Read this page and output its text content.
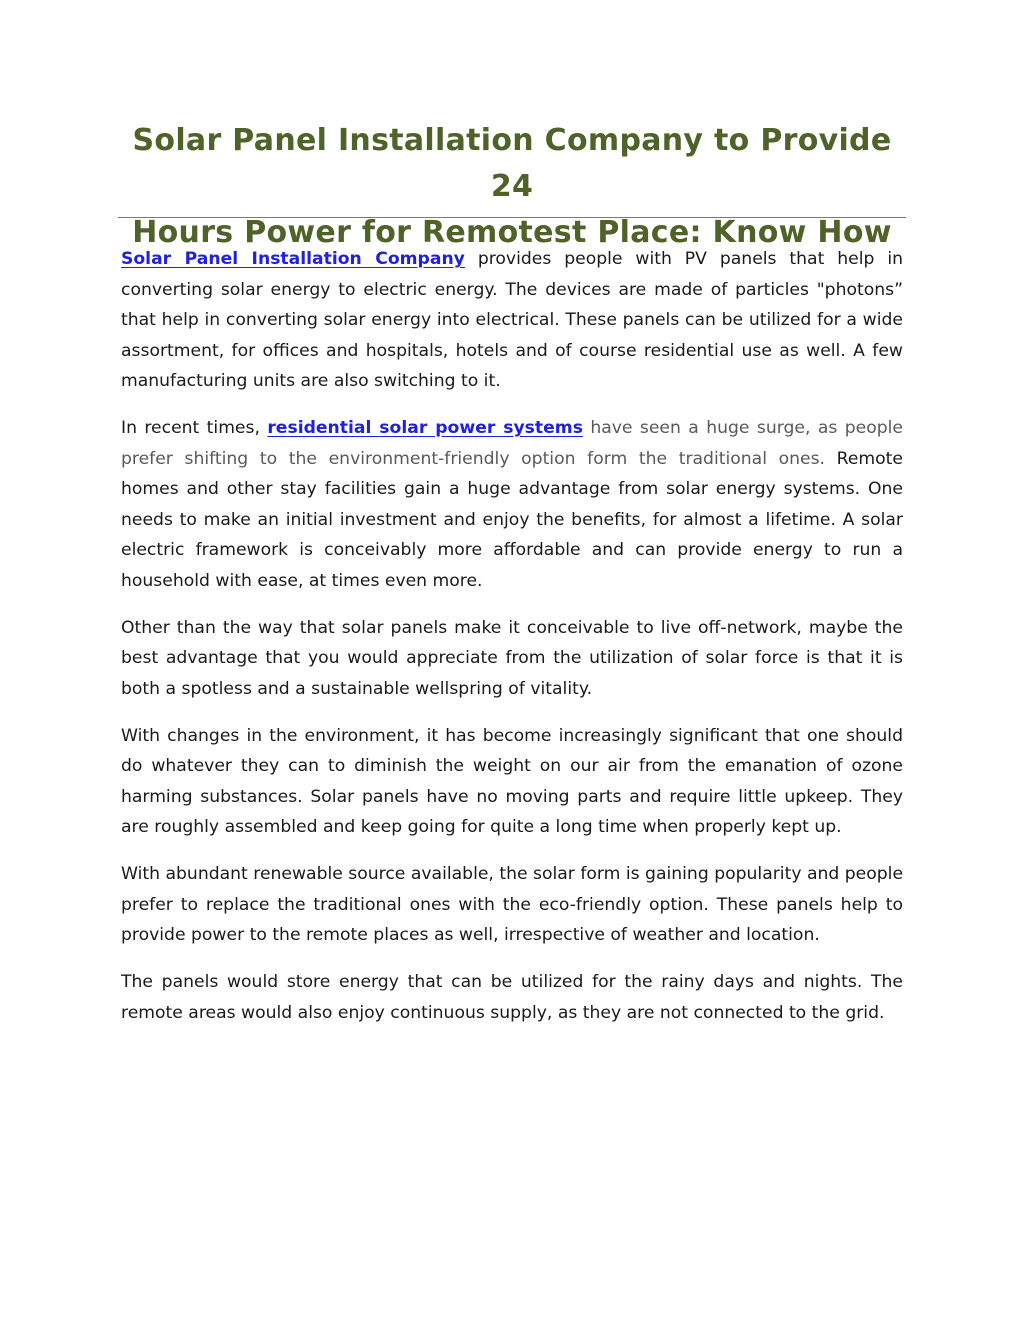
Solar Panel Installation Company to Provide 24
Hours Power for Remotest Place: Know How

Solar Panel Installation Company provides people with PV panels that help in converting solar energy to electric energy. The devices are made of particles "photons” that help in converting solar energy into electrical. These panels can be utilized for a wide assortment, for offices and hospitals, hotels and of course residential use as well. A few manufacturing units are also switching to it.

In recent times, residential solar power systems have seen a huge surge, as people prefer shifting to the environment-friendly option form the traditional ones. Remote homes and other stay facilities gain a huge advantage from solar energy systems. One needs to make an initial investment and enjoy the benefits, for almost a lifetime. A solar electric framework is conceivably more affordable and can provide energy to run a household with ease, at times even more.

Other than the way that solar panels make it conceivable to live off-network, maybe the best advantage that you would appreciate from the utilization of solar force is that it is both a spotless and a sustainable wellspring of vitality.

With changes in the environment, it has become increasingly significant that one should do whatever they can to diminish the weight on our air from the emanation of ozone harming substances. Solar panels have no moving parts and require little upkeep. They are roughly assembled and keep going for quite a long time when properly kept up.

With abundant renewable source available, the solar form is gaining popularity and people prefer to replace the traditional ones with the eco-friendly option. These panels help to provide power to the remote places as well, irrespective of weather and location.

The panels would store energy that can be utilized for the rainy days and nights. The remote areas would also enjoy continuous supply, as they are not connected to the grid.
